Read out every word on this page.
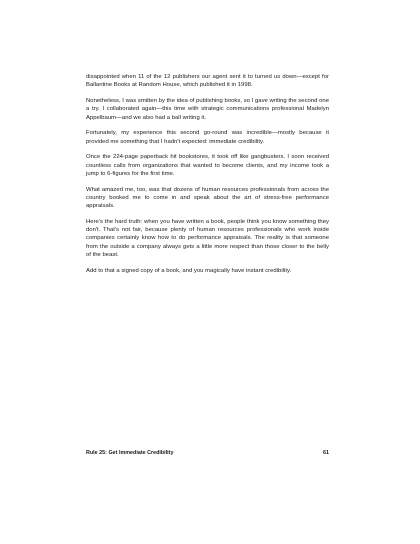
disappointed when 11 of the 12 publishers our agent sent it to turned us down—except for Ballantine Books at Random House, which published it in 1998.

Nonetheless, I was smitten by the idea of publishing books, so I gave writing the second one a try. I collaborated again—this time with strategic communications professional Madelyn Appelbaum—and we also had a ball writing it.

Fortunately, my experience this second go-round was incredible—mostly because it provided me something that I hadn't expected: immediate credibility.

Once the 224-page paperback hit bookstores, it took off like gangbusters. I soon received countless calls from organizations that wanted to become clients, and my income took a jump to 6-figures for the first time.

What amazed me, too, was that dozens of human resources professionals from across the country booked me to come in and speak about the art of stress-free performance appraisals.

Here's the hard truth: when you have written a book, people think you know something they don't. That's not fair, because plenty of human resources professionals who work inside companies certainly know how to do performance appraisals. The reality is that someone from the outside a company always gets a little more respect than those closer to the belly of the beast.

Add to that a signed copy of a book, and you magically have instant credibility.

Rule 25: Get Immediate Credibility	61
